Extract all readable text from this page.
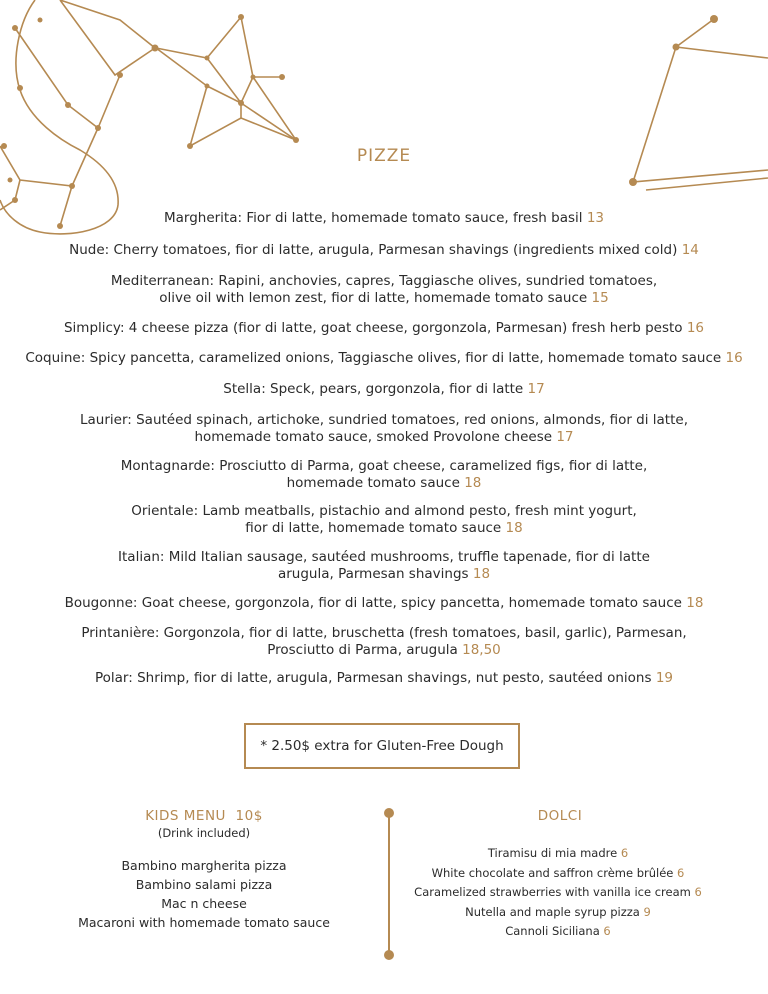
PIZZE
Margherita: Fior di latte, homemade tomato sauce, fresh basil 13
Nude: Cherry tomatoes, fior di latte, arugula, Parmesan shavings (ingredients mixed cold) 14
Mediterranean: Rapini, anchovies, capres, Taggiasche olives, sundried tomatoes,
olive oil with lemon zest, fior di latte, homemade tomato sauce 15
Simplicy: 4 cheese pizza (fior di latte, goat cheese, gorgonzola, Parmesan) fresh herb pesto 16
Coquine: Spicy pancetta, caramelized onions, Taggiasche olives, fior di latte, homemade tomato sauce 16
Stella: Speck, pears, gorgonzola, fior di latte 17
Laurier: Sautéed spinach, artichoke, sundried tomatoes, red onions, almonds, fior di latte,
homemade tomato sauce, smoked Provolone cheese 17
Montagnarde: Prosciutto di Parma, goat cheese, caramelized figs, fior di latte,
homemade tomato sauce 18
Orientale: Lamb meatballs, pistachio and almond pesto, fresh mint yogurt,
fior di latte, homemade tomato sauce 18
Italian: Mild Italian sausage, sautéed mushrooms, truffle tapenade, fior di latte
arugula, Parmesan shavings 18
Bougonne: Goat cheese, gorgonzola, fior di latte, spicy pancetta, homemade tomato sauce 18
Printanière: Gorgonzola, fior di latte, bruschetta (fresh tomatoes, basil, garlic), Parmesan,
Prosciutto di Parma, arugula 18,50
Polar: Shrimp, fior di latte, arugula, Parmesan shavings, nut pesto, sautéed onions 19
* 2.50$ extra for Gluten-Free Dough
KIDS MENU  10$
(Drink included)
Bambino margherita pizza
Bambino salami pizza
Mac n cheese
Macaroni with homemade tomato sauce
DOLCI
Tiramisu di mia madre 6
White chocolate and saffron crème brûlée 6
Caramelized strawberries with vanilla ice cream 6
Nutella and maple syrup pizza 9
Cannoli Siciliana 6
